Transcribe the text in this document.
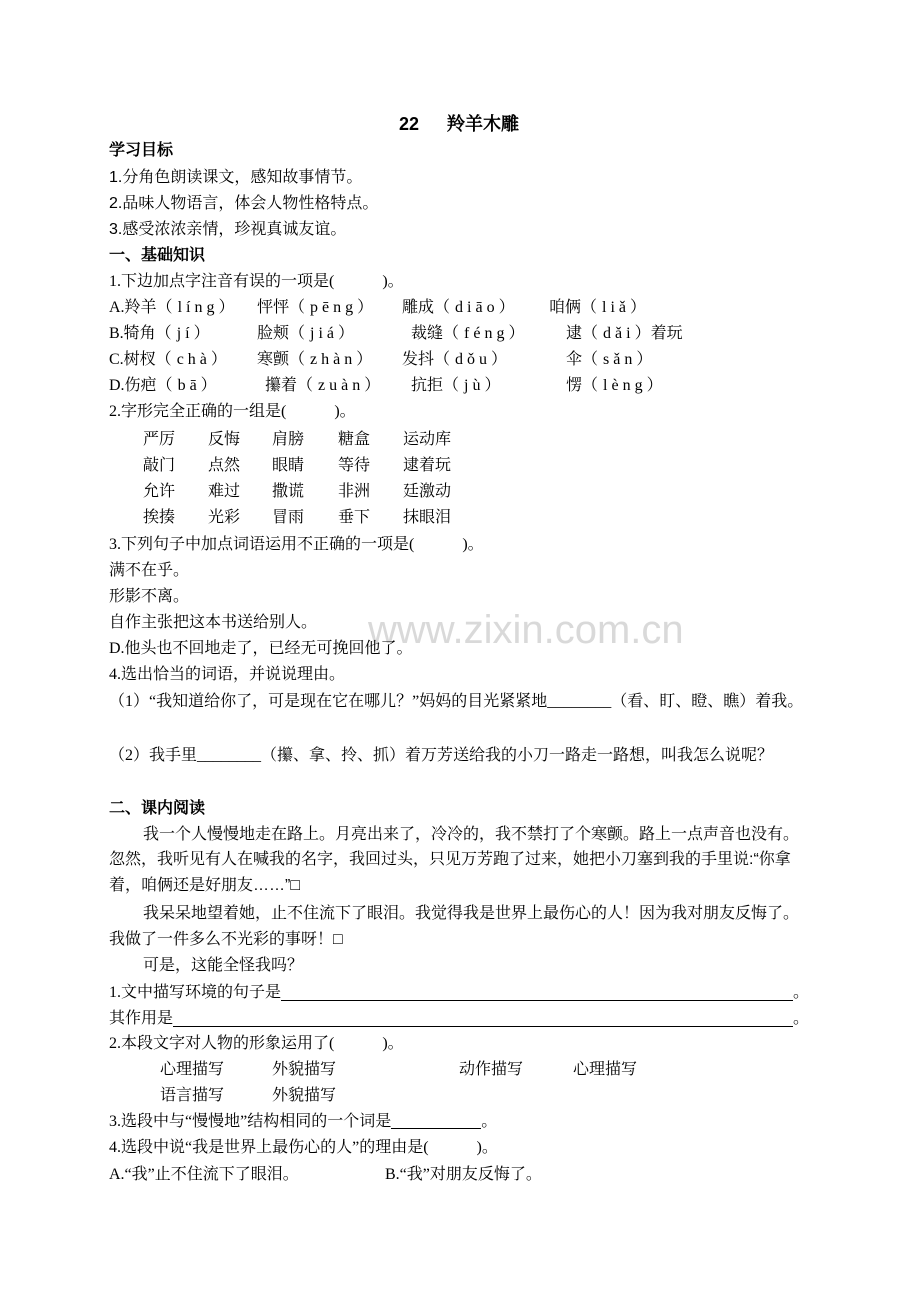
www.zixin.com.cn
22 羚羊木雕
学习目标
1.分角色朗读课文，感知故事情节。
2.品味人物语言，体会人物性格特点。
3.感受浓浓亲情，珍视真诚友谊。
一、基础知识
1.下边加点字注音有误的一项是(　　　)。
A.羚羊（ líng） 怦怦（ pēng） 雕成（ diāo） 咱俩（ liǎ）
B.犄角（ jí）	脸颊（ jiá）	裁缝（ féng）	逮（ dǎi）着玩
C.树杈（ chà） 寒颤（ zhàn） 发抖（ dǒu）	伞（ sǎn）
D.伤疤（ bā）	攥着（ zuàn） 抗拒（ jù）	愣（ lèng）
2.字形完全正确的一组是(　　　)。
严厉 反悔 肩膀 糖盒 运动库
敲门 点然 眼睛 等待 逮着玩
允许 难过 撒谎 非洲 廷激动
挨揍 光彩 冒雨 垂下 抹眼泪
3.下列句子中加点词语运用不正确的一项是(　　　)。
满不在乎。
形影不离。
自作主张把这本书送给别人。
D.他头也不回地走了，已经无可挽回他了。
4.选出恰当的词语，并说说理由。
（1）“我知道给你了，可是现在它在哪儿？”妈妈的目光紧紧地________（看、盯、瞪、瞧）着我。
（2）我手里________（攥、拿、拎、抓）着万芳送给我的小刀一路走一路想，叫我怎么说呢？
二、课内阅读
我一个人慢慢地走在路上。月亮出来了，冷冷的，我不禁打了个寒颤。路上一点声音也没有。
忽然，我听见有人在喊我的名字，我回过头，只见万芳跑了过来，她把小刀塞到我的手里说:“你拿
着，咱俩还是好朋友……”□
我呆呆地望着她，止不住流下了眼泪。我觉得我是世界上最伤心的人！因为我对朋友反悔了。
我做了一件多么不光彩的事呀！□
可是，这能全怪我吗？
1.文中描写环境的句子是	。
其作用是	。
2.本段文字对人物的形象运用了(　　　)。
心理描写	外貌描写	动作描写	心理描写
语言描写	外貌描写
3.选段中与“慢慢地”结构相同的一个词是	。
4.选段中说“我是世界上最伤心的人”的理由是(　　　)。
A.“我”止不住流下了眼泪。	B.“我”对朋友反悔了。
